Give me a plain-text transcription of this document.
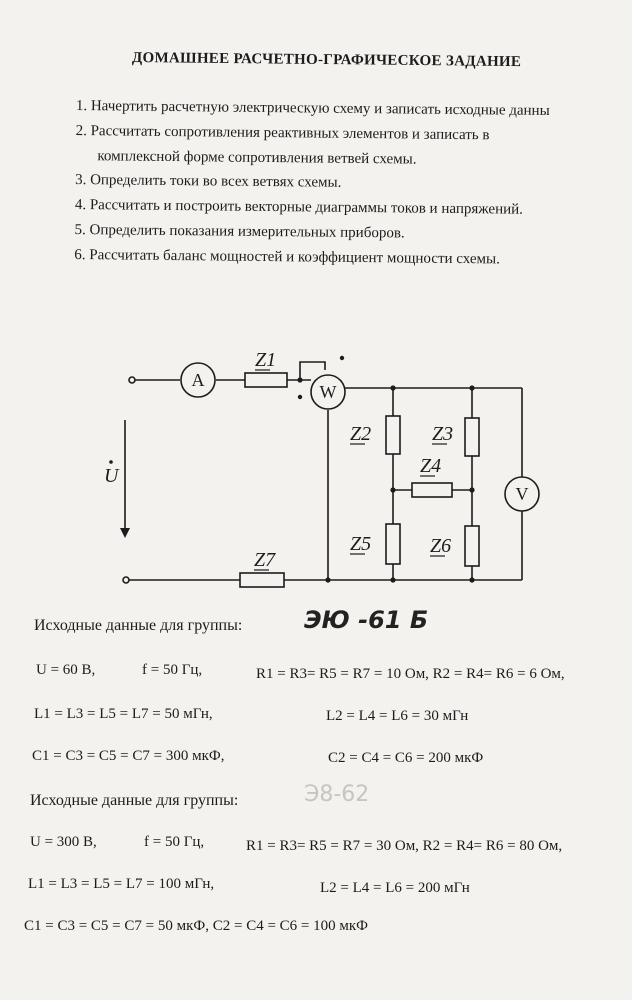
ДОМАШНЕЕ РАСЧЕТНО-ГРАФИЧЕСКОЕ ЗАДАНИЕ
1. Начертить расчетную электрическую схему и записать исходные данны
2. Рассчитать сопротивления реактивных элементов и записать в
комплексной форме сопротивления ветвей схемы.
3. Определить токи во всех ветвях схемы.
4. Рассчитать и построить векторные диаграммы токов и напряжений.
5. Определить показания измерительных приборов.
6. Рассчитать баланс мощностей и коэффициент мощности схемы.
A
W
V
U
Z1
Z2	Z3
Z4
Z5	Z6
Z7
Исходные данные для группы:	ЭЮ -61 Б
U = 60 В,	f = 50 Гц,	R1 = R3= R5 = R7 = 10 Ом, R2 = R4= R6 = 6 Ом,
L1 = L3 = L5 = L7 = 50 мГн,	L2 = L4 = L6 = 30 мГн
C1 = C3 = C5 = C7 = 300 мкФ,	C2 = C4 = C6 = 200 мкФ
Исходные данные для группы:	Э8-62
U = 300 В,	f = 50 Гц,	R1 = R3= R5 = R7 = 30 Ом, R2 = R4= R6 = 80 Ом,
L1 = L3 = L5 = L7 = 100 мГн,	L2 = L4 = L6 = 200 мГн
C1 = C3 = C5 = C7 = 50 мкФ, C2 = C4 = C6 = 100 мкФ
